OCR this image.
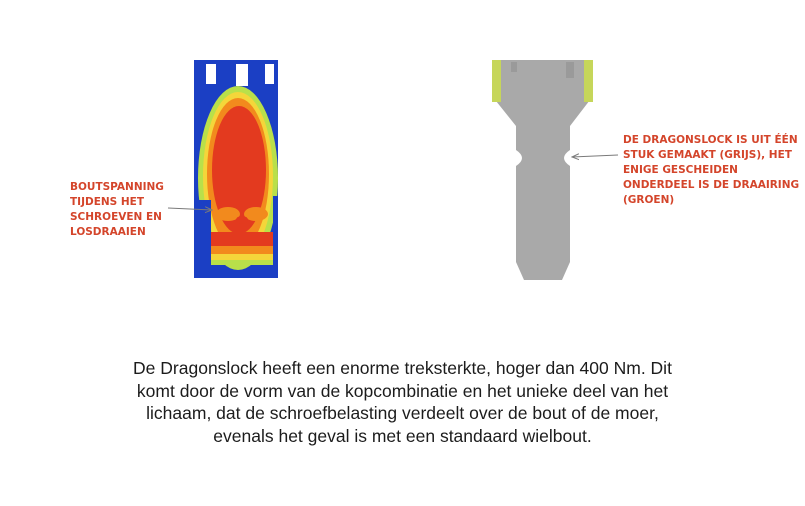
BOUTSPANNING
TIJDENS HET
SCHROEVEN EN
LOSDRAAIEN

DE DRAGONSLOCK IS UIT ÉÉN
STUK GEMAAKT (GRIJS), HET
ENIGE GESCHEIDEN
ONDERDEEL IS DE DRAAIRING
(GROEN)

De Dragonslock heeft een enorme treksterkte, hoger dan 400 Nm. Dit
komt door de vorm van de kopcombinatie en het unieke deel van het
lichaam, dat de schroefbelasting verdeelt over de bout of de moer,
evenals het geval is met een standaard wielbout.
